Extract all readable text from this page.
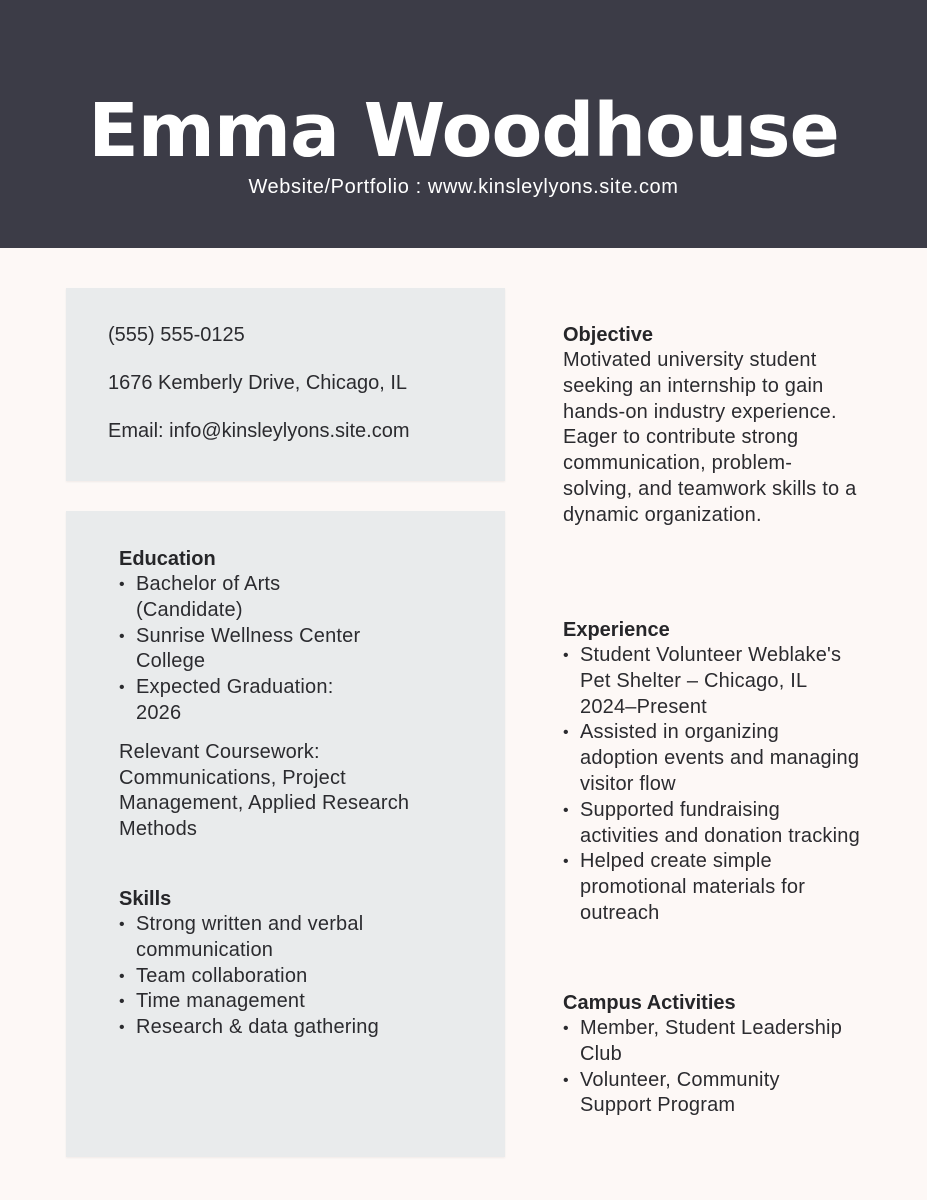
Emma Woodhouse
Website/Portfolio : www.kinsleylyons.site.com
(555) 555-0125
1676 Kemberly Drive, Chicago, IL
Email: info@kinsleylyons.site.com
Education
• Bachelor of Arts (Candidate)
• Sunrise Wellness Center College
• Expected Graduation: 2026
Relevant Coursework: Communications, Project Management, Applied Research Methods
Skills
• Strong written and verbal communication
• Team collaboration
• Time management
• Research & data gathering
Objective
Motivated university student seeking an internship to gain hands-on industry experience. Eager to contribute strong communication, problem-solving, and teamwork skills to a dynamic organization.
Experience
• Student Volunteer Weblake's Pet Shelter – Chicago, IL 2024–Present
• Assisted in organizing adoption events and managing visitor flow
• Supported fundraising activities and donation tracking
• Helped create simple promotional materials for outreach
Campus Activities
• Member, Student Leadership Club
• Volunteer, Community Support Program
